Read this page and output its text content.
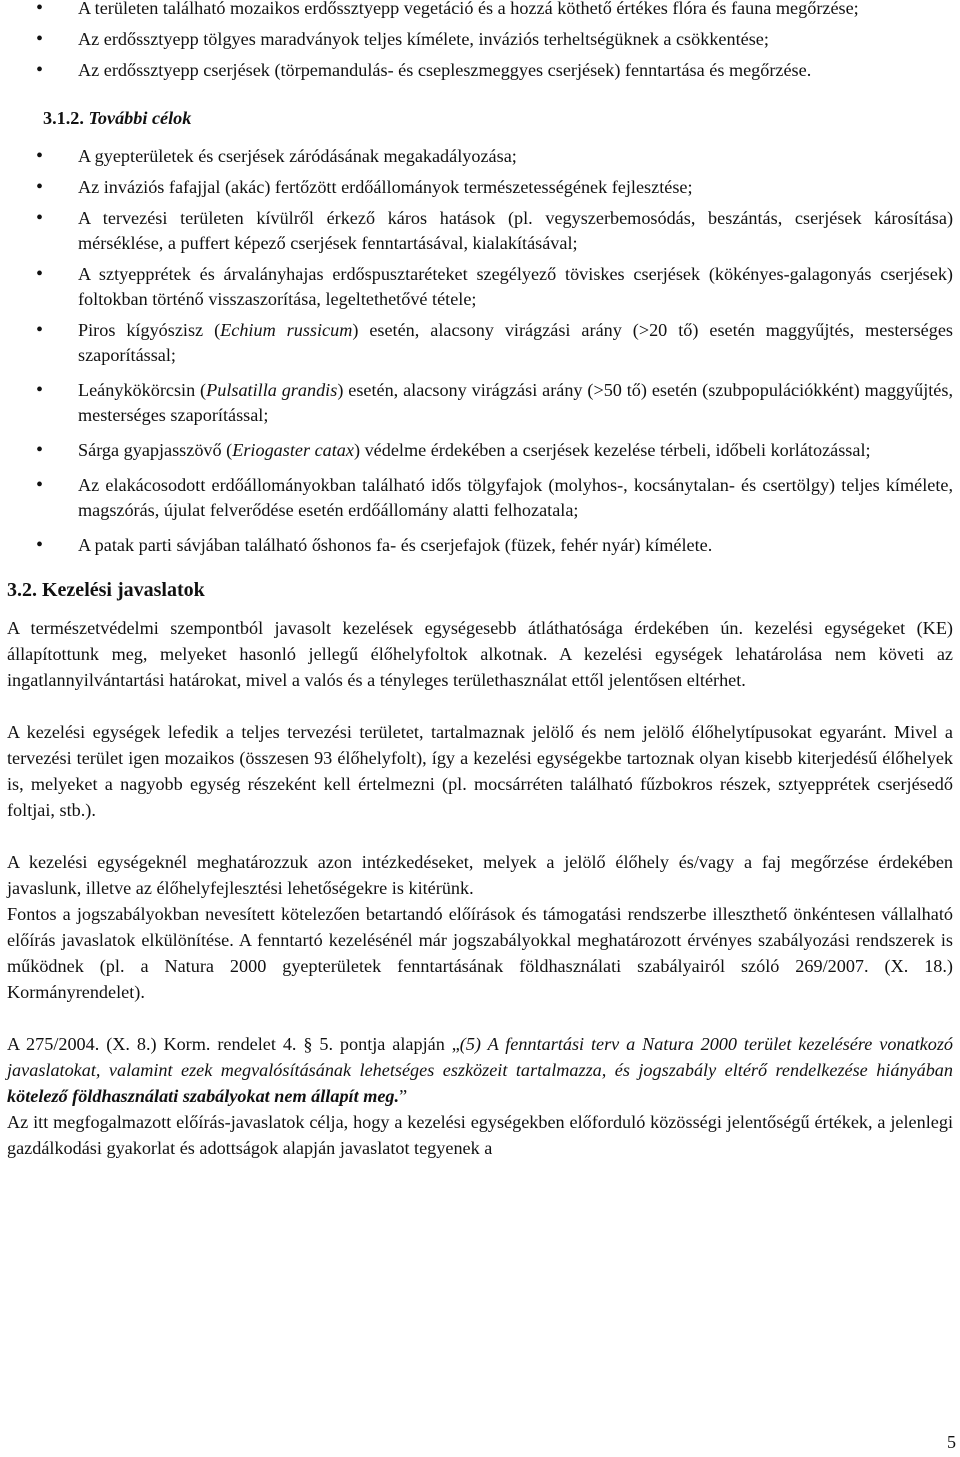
• A területen található mozaikos erdőssztyepp vegetáció és a hozzá köthető értékes flóra és fauna megőrzése;
• Az erdőssztyepp tölgyes maradványok teljes kímélete, inváziós terheltségüknek a csökkentése;
• Az erdőssztyepp cserjések (törpemandulás- és csepleszmeggyes cserjések) fenntartása és megőrzése.
3.1.2. További célok
• A gyepterületek és cserjések záródásának megakadályozása;
• Az inváziós fafajjal (akác) fertőzött erdőállományok természetességének fejlesztése;
• A tervezési területen kívülről érkező káros hatások (pl. vegyszerbemosódás, beszántás, cserjések károsítása) mérséklése, a puffert képező cserjések fenntartásával, kialakításával;
• A sztyepprétek és árvalányhajas erdőspusztaréteket szegélyező töviskes cserjések (kökényes-galagonyás cserjések) foltokban történő visszaszorítása, legeltethetővé tétele;
• Piros kígyószisz (Echium russicum) esetén, alacsony virágzási arány (>20 tő) esetén maggyűjtés, mesterséges szaporítással;
• Leánykökörcsin (Pulsatilla grandis) esetén, alacsony virágzási arány (>50 tő) esetén (szubpopulációkként) maggyűjtés, mesterséges szaporítással;
• Sárga gyapjasszövő (Eriogaster catax) védelme érdekében a cserjések kezelése térbeli, időbeli korlátozással;
• Az elakácosodott erdőállományokban található idős tölgyfajok (molyhos-, kocsánytalan- és csertölgy) teljes kímélete, magszórás, újulat felverődése esetén erdőállomány alatti felhozatala;
• A patak parti sávjában található őshonos fa- és cserjefajok (füzek, fehér nyár) kímélete.
3.2. Kezelési javaslatok

A természetvédelmi szempontból javasolt kezelések egységesebb átláthatósága érdekében ún. kezelési egységeket (KE) állapítottunk meg, melyeket hasonló jellegű élőhelyfoltok alkotnak. A kezelési egységek lehatárolása nem követi az ingatlannyilvántartási határokat, mivel a valós és a tényleges területhasználat ettől jelentősen eltérhet.

A kezelési egységek lefedik a teljes tervezési területet, tartalmaznak jelölő és nem jelölő élőhelytípusokat egyaránt. Mivel a tervezési terület igen mozaikos (összesen 93 élőhelyfolt), így a kezelési egységekbe tartoznak olyan kisebb kiterjedésű élőhelyek is, melyeket a nagyobb egység részeként kell értelmezni (pl. mocsárréten található fűzbokros részek, sztyepprétek cserjésedő foltjai, stb.).

A kezelési egységeknél meghatározzuk azon intézkedéseket, melyek a jelölő élőhely és/vagy a faj megőrzése érdekében javaslunk, illetve az élőhelyfejlesztési lehetőségekre is kitérünk.

Fontos a jogszabályokban nevesített kötelezően betartandó előírások és támogatási rendszerbe illeszthető önkéntesen vállalható előírás javaslatok elkülönítése. A fenntartó kezelésénél már jogszabályokkal meghatározott érvényes szabályozási rendszerek is működnek (pl. a Natura 2000 gyepterületek fenntartásának földhasználati szabályairól szóló 269/2007. (X. 18.) Kormányrendelet).

A 275/2004. (X. 8.) Korm. rendelet 4. § 5. pontja alapján „(5) A fenntartási terv a Natura 2000 terület kezelésére vonatkozó javaslatokat, valamint ezek megvalósításának lehetséges eszközeit tartalmazza, és jogszabály eltérő rendelkezése hiányában kötelező földhasználati szabályokat nem állapít meg.”

Az itt megfogalmazott előírás-javaslatok célja, hogy a kezelési egységekben előforduló közösségi jelentőségű értékek, a jelenlegi gazdálkodási gyakorlat és adottságok alapján javaslatot tegyenek a

5
